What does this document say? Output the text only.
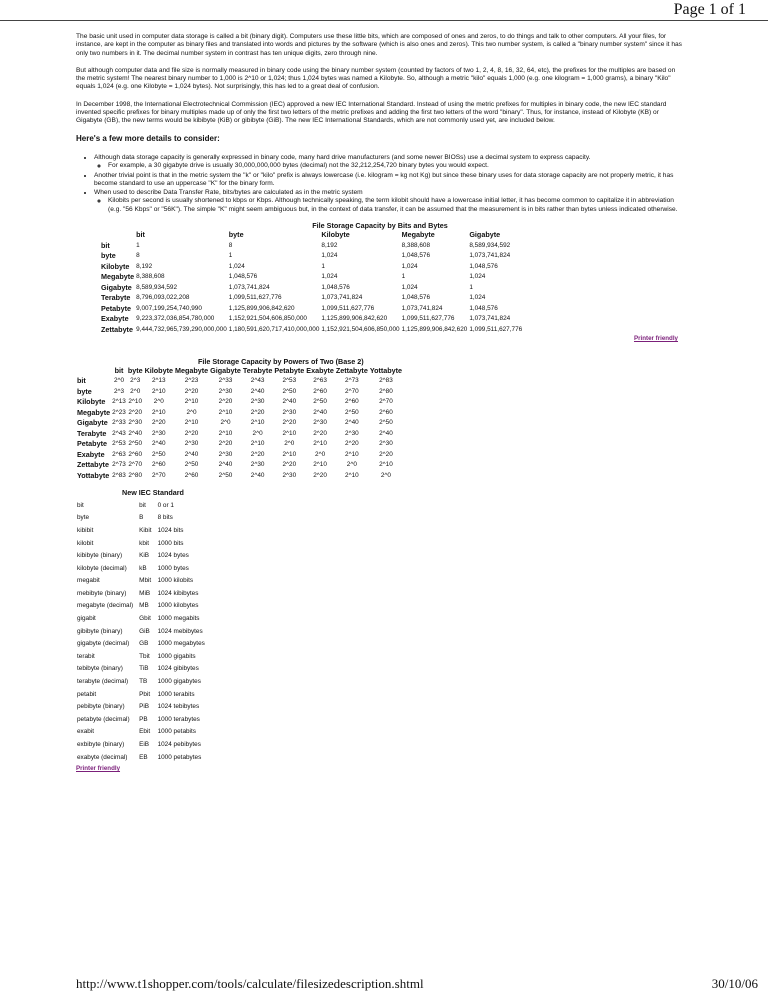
Page 1 of 1

The basic unit used in computer data storage is called a bit (binary digit). Computers use these little bits, which are composed of ones and zeros, to do things and talk to other computers. All your files, for instance, are kept in the computer as binary files and translated into words and pictures by the software (which is also ones and zeros). This two number system, is called a "binary number system" since it has only two numbers in it. The decimal number system in contrast has ten unique digits, zero through nine.

But although computer data and file size is normally measured in binary code using the binary number system (counted by factors of two 1, 2, 4, 8, 16, 32, 64, etc), the prefixes for the multiples are based on the metric system! The nearest binary number to 1,000 is 2^10 or 1,024; thus 1,024 bytes was named a Kilobyte. So, although a metric "kilo" equals 1,000 (e.g. one kilogram = 1,000 grams), a binary "Kilo" equals 1,024 (e.g. one Kilobyte = 1,024 bytes). Not surprisingly, this has led to a great deal of confusion.

In December 1998, the International Electrotechnical Commission (IEC) approved a new IEC International Standard. Instead of using the metric prefixes for multiples in binary code, the new IEC standard invented specific prefixes for binary multiples made up of only the first two letters of the metric prefixes and adding the first two letters of the word "binary". Thus, for instance, instead of Kilobyte (KB) or Gigabyte (GB), the new terms would be kibibyte (KiB) or gibibyte (GiB). The new IEC International Standards, which are not commonly used yet, are included below.

Here's a few more details to consider:
• Although data storage capacity is generally expressed in binary code, many hard drive manufacturers (and some newer BIOSs) use a decimal system to express capacity.
◦ For example, a 30 gigabyte drive is usually 30,000,000,000 bytes (decimal) not the 32,212,254,720 binary bytes you would expect.
• Another trivial point is that in the metric system the "k" or "kilo" prefix is always lowercase (i.e. kilogram = kg not Kg) but since these binary uses for data storage capacity are not properly metric, it has become standard to use an uppercase "K" for the binary form.
• When used to describe Data Transfer Rate, bits/bytes are calculated as in the metric system
◦ Kilobits per second is usually shortened to kbps or Kbps. Although technically speaking, the term kilobit should have a lowercase initial letter, it has become common to capitalize it in abbreviation (e.g. "56 Kbps" or "56K"). The simple "K" might seem ambiguous but, in the context of data transfer, it can be assumed that the measurement is in bits rather than bytes unless indicated otherwise.
File Storage Capacity by Bits and Bytes
	bit	byte	Kilobyte	Megabyte	Gigabyte
bit	1	8	8,192	8,388,608	8,589,934,592
byte	8	1	1,024	1,048,576	1,073,741,824
Kilobyte	8,192	1,024	1	1,024	1,048,576
Megabyte	8,388,608	1,048,576	1,024	1	1,024
Gigabyte	8,589,934,592	1,073,741,824	1,048,576	1,024	1
Terabyte	8,796,093,022,208	1,099,511,627,776	1,073,741,824	1,048,576	1,024
Petabyte	9,007,199,254,740,990	1,125,899,906,842,620	1,099,511,627,776	1,073,741,824	1,048,576
Exabyte	9,223,372,036,854,780,000	1,152,921,504,606,850,000	1,125,899,906,842,620	1,099,511,627,776	1,073,741,824
Zettabyte	9,444,732,965,739,290,000,000	1,180,591,620,717,410,000,000	1,152,921,504,606,850,000	1,125,899,906,842,620	1,099,511,627,776
Printer friendly
File Storage Capacity by Powers of Two (Base 2)
	bit	byte	Kilobyte	Megabyte	Gigabyte	Terabyte	Petabyte	Exabyte	Zettabyte	Yottabyte
bit	2^0	2^3	2^13	2^23	2^33	2^43	2^53	2^63	2^73	2^83
byte	2^3	2^0	2^10	2^20	2^30	2^40	2^50	2^60	2^70	2^80
Kilobyte	2^13	2^10	2^0	2^10	2^20	2^30	2^40	2^50	2^60	2^70
Megabyte	2^23	2^20	2^10	2^0	2^10	2^20	2^30	2^40	2^50	2^60
Gigabyte	2^33	2^30	2^20	2^10	2^0	2^10	2^20	2^30	2^40	2^50
Terabyte	2^43	2^40	2^30	2^20	2^10	2^0	2^10	2^20	2^30	2^40
Petabyte	2^53	2^50	2^40	2^30	2^20	2^10	2^0	2^10	2^20	2^30
Exabyte	2^63	2^60	2^50	2^40	2^30	2^20	2^10	2^0	2^10	2^20
Zettabyte	2^73	2^70	2^60	2^50	2^40	2^30	2^20	2^10	2^0	2^10
Yottabyte	2^83	2^80	2^70	2^60	2^50	2^40	2^30	2^20	2^10	2^0
New IEC Standard
bit	bit	0 or 1
byte	B	8 bits
kibibit	Kibit	1024 bits
kilobit	kbit	1000 bits
kibibyte (binary)	KiB	1024 bytes
kilobyte (decimal)	kB	1000 bytes
megabit	Mbit	1000 kilobits
mebibyte (binary)	MiB	1024 kibibytes
megabyte (decimal)	MB	1000 kilobytes
gigabit	Gbit	1000 megabits
gibibyte (binary)	GiB	1024 mebibytes
gigabyte (decimal)	GB	1000 megabytes
terabit	Tbit	1000 gigabits
tebibyte (binary)	TiB	1024 gibibytes
terabyte (decimal)	TB	1000 gigabytes
petabit	Pbit	1000 terabits
pebibyte (binary)	PiB	1024 tebibytes
petabyte (decimal)	PB	1000 terabytes
exabit	Ebit	1000 petabits
exbibyte (binary)	EiB	1024 pebibytes
exabyte (decimal)	EB	1000 petabytes
Printer friendly
http://www.t1shopper.com/tools/calculate/filesizedescription.shtml	30/10/06
